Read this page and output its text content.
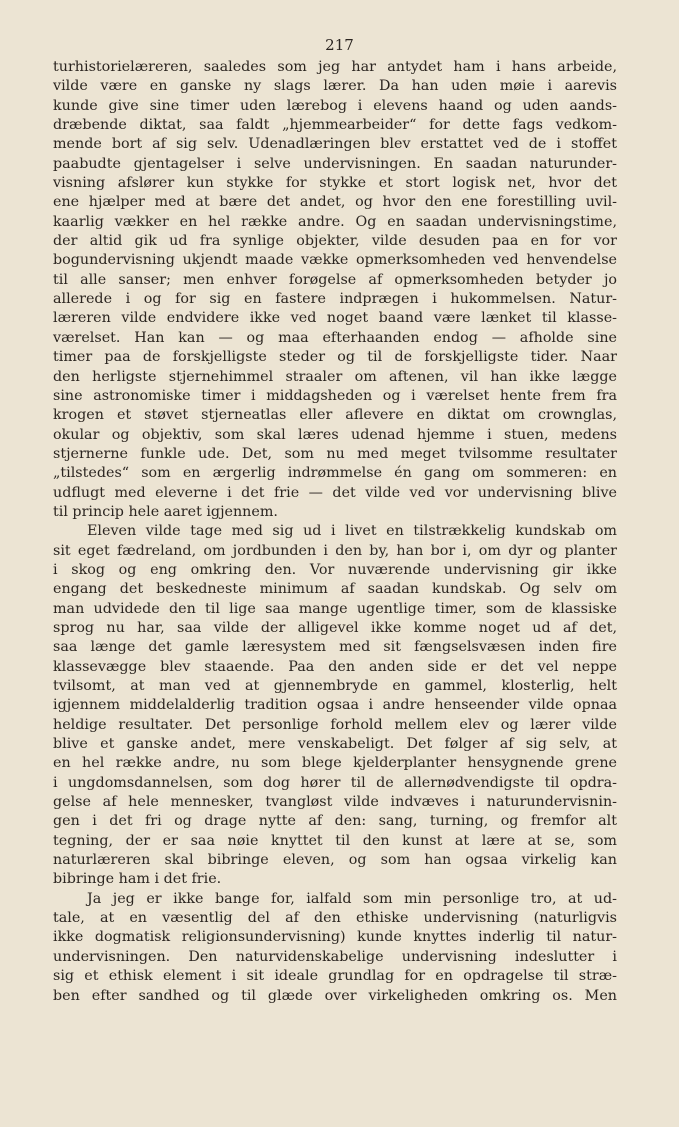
217
turhistorielæreren, saaledes som jeg har antydet ham i hans arbeide,
vilde være en ganske ny slags lærer. Da han uden møie i aarevis
kunde give sine timer uden lærebog i elevens haand og uden aands-
dræbende diktat, saa faldt „hjemmearbeider“ for dette fags vedkom-
mende bort af sig selv. Udenadlæringen blev erstattet ved de i stoffet
paabudte gjentagelser i selve undervisningen. En saadan naturunder-
visning afslører kun stykke for stykke et stort logisk net, hvor det
ene hjælper med at bære det andet, og hvor den ene forestilling uvil-
kaarlig vækker en hel række andre. Og en saadan undervisningstime,
der altid gik ud fra synlige objekter, vilde desuden paa en for vor
bogundervisning ukjendt maade vække opmerksomheden ved henvendelse
til alle sanser; men enhver forøgelse af opmerksomheden betyder jo
allerede i og for sig en fastere indprægen i hukommelsen. Natur-
læreren vilde endvidere ikke ved noget baand være lænket til klasse-
værelset. Han kan — og maa efterhaanden endog — afholde sine
timer paa de forskjelligste steder og til de forskjelligste tider. Naar
den herligste stjernehimmel straaler om aftenen, vil han ikke lægge
sine astronomiske timer i middagsheden og i værelset hente frem fra
krogen et støvet stjerneatlas eller aflevere en diktat om crownglas,
okular og objektiv, som skal læres udenad hjemme i stuen, medens
stjernerne funkle ude. Det, som nu med meget tvilsomme resultater
„tilstedes“ som en ærgerlig indrømmelse én gang om sommeren: en
udflugt med eleverne i det frie — det vilde ved vor undervisning blive
til princip hele aaret igjennem.
Eleven vilde tage med sig ud i livet en tilstrækkelig kundskab om
sit eget fædreland, om jordbunden i den by, han bor i, om dyr og planter
i skog og eng omkring den. Vor nuværende undervisning gir ikke
engang det beskedneste minimum af saadan kundskab. Og selv om
man udvidede den til lige saa mange ugentlige timer, som de klassiske
sprog nu har, saa vilde der alligevel ikke komme noget ud af det,
saa længe det gamle læresystem med sit fængselsvæsen inden fire
klassevægge blev staaende. Paa den anden side er det vel neppe
tvilsomt, at man ved at gjennembryde en gammel, klosterlig, helt
igjennem middelalderlig tradition ogsaa i andre henseender vilde opnaa
heldige resultater. Det personlige forhold mellem elev og lærer vilde
blive et ganske andet, mere venskabeligt. Det følger af sig selv, at
en hel række andre, nu som blege kjelderplanter hensygnende grene
i ungdomsdannelsen, som dog hører til de allernødvendigste til opdra-
gelse af hele mennesker, tvangløst vilde indvæves i naturundervisnin-
gen i det fri og drage nytte af den: sang, turning, og fremfor alt
tegning, der er saa nøie knyttet til den kunst at lære at se, som
naturlæreren skal bibringe eleven, og som han ogsaa virkelig kan
bibringe ham i det frie.
Ja jeg er ikke bange for, ialfald som min personlige tro, at ud-
tale, at en væsentlig del af den ethiske undervisning (naturligvis
ikke dogmatisk religionsundervisning) kunde knyttes inderlig til natur-
undervisningen. Den naturvidenskabelige undervisning indeslutter i
sig et ethisk element i sit ideale grundlag for en opdragelse til stræ-
ben efter sandhed og til glæde over virkeligheden omkring os. Men
